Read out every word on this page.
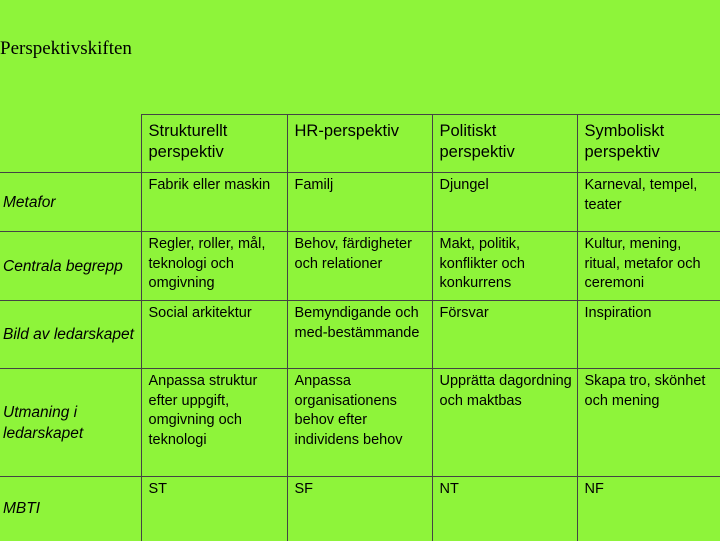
Perspektivskiften
	Strukturellt perspektiv	HR-perspektiv	Politiskt perspektiv	Symboliskt perspektiv
Metafor	Fabrik eller maskin	Familj	Djungel	Karneval, tempel, teater
Centrala begrepp	Regler, roller, mål, teknologi och omgivning	Behov, färdigheter och relationer	Makt, politik, konflikter och konkurrens	Kultur, mening, ritual, metafor och ceremoni
Bild av ledarskapet	Social arkitektur	Bemyndigande och med-bestämmande	Försvar	Inspiration
Utmaning i ledarskapet	Anpassa struktur efter uppgift, omgivning och teknologi	Anpassa organisationens behov efter individens behov	Upprätta dagordning och maktbas	Skapa tro, skönhet och mening
MBTI	ST	SF	NT	NF
